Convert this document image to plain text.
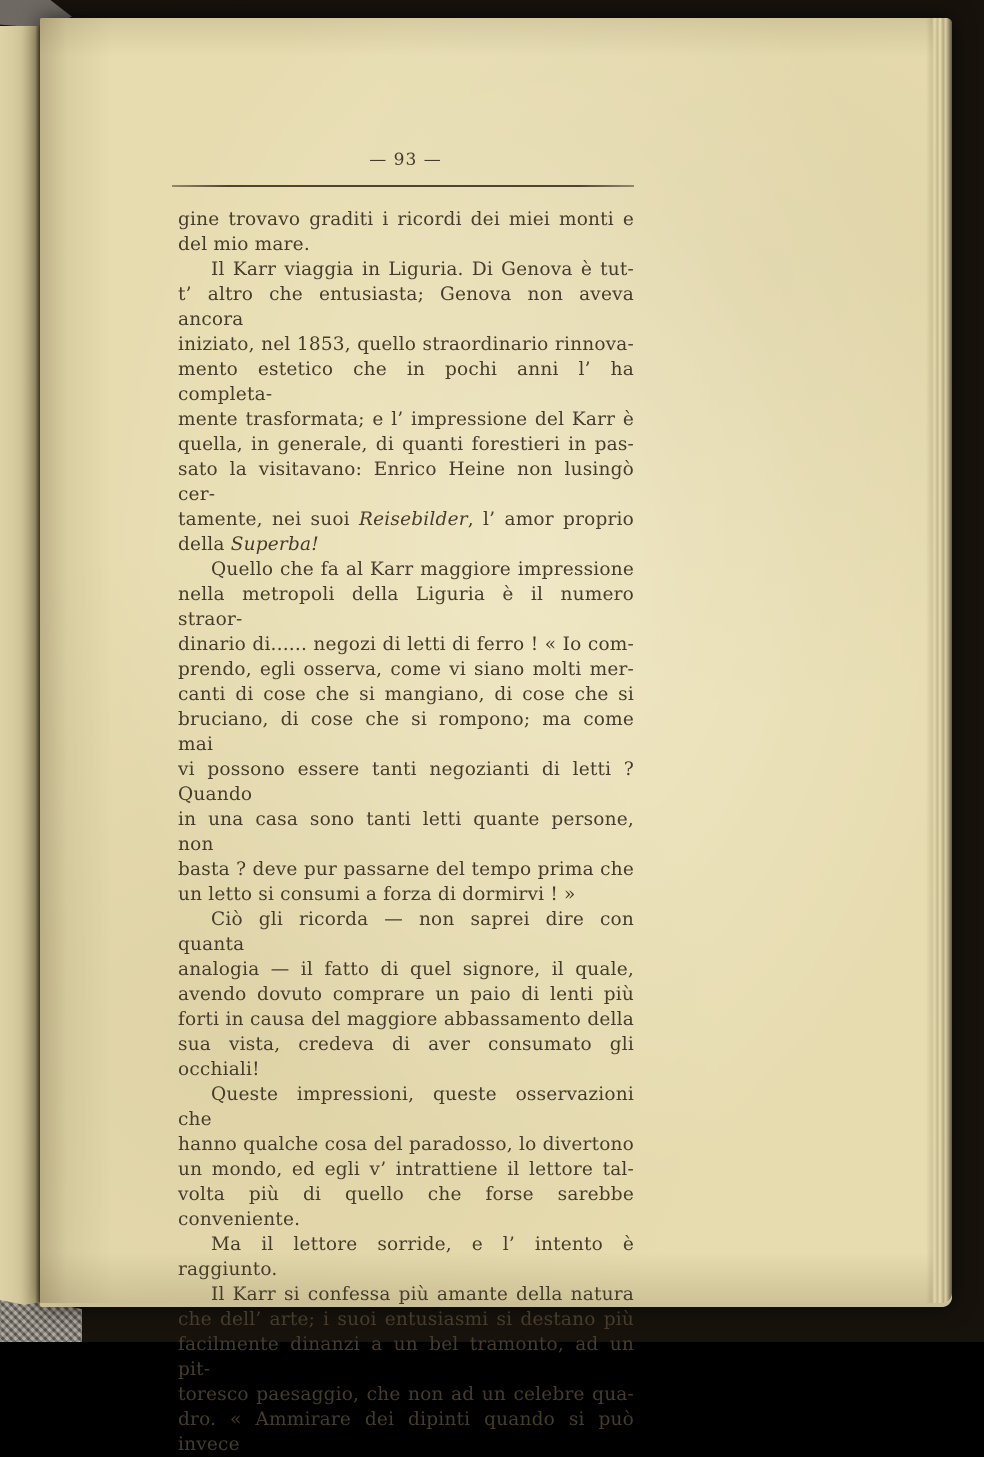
— 93 —
gine trovavo graditi i ricordi dei miei monti e
del mio mare.
Il Karr viaggia in Liguria. Di Genova è tut-
t’ altro che entusiasta; Genova non aveva ancora
iniziato, nel 1853, quello straordinario rinnova-
mento estetico che in pochi anni l’ ha completa-
mente trasformata; e l’ impressione del Karr è
quella, in generale, di quanti forestieri in pas-
sato la visitavano: Enrico Heine non lusingò cer-
tamente, nei suoi Reisebilder, l’ amor proprio
della Superba!
Quello che fa al Karr maggiore impressione
nella metropoli della Liguria è il numero straor-
dinario di...... negozi di letti di ferro ! « Io com-
prendo, egli osserva, come vi siano molti mer-
canti di cose che si mangiano, di cose che si
bruciano, di cose che si rompono; ma come mai
vi possono essere tanti negozianti di letti ? Quando
in una casa sono tanti letti quante persone, non
basta ? deve pur passarne del tempo prima che
un letto si consumi a forza di dormirvi ! »
Ciò gli ricorda — non saprei dire con quanta
analogia — il fatto di quel signore, il quale,
avendo dovuto comprare un paio di lenti più
forti in causa del maggiore abbassamento della
sua vista, credeva di aver consumato gli occhiali!
Queste impressioni, queste osservazioni che
hanno qualche cosa del paradosso, lo divertono
un mondo, ed egli v’ intrattiene il lettore tal-
volta più di quello che forse sarebbe conveniente.
Ma il lettore sorride, e l’ intento è raggiunto.
Il Karr si confessa più amante della natura
che dell’ arte; i suoi entusiasmi si destano più
facilmente dinanzi a un bel tramonto, ad un pit-
toresco paesaggio, che non ad un celebre qua-
dro. « Ammirare dei dipinti quando si può invece
